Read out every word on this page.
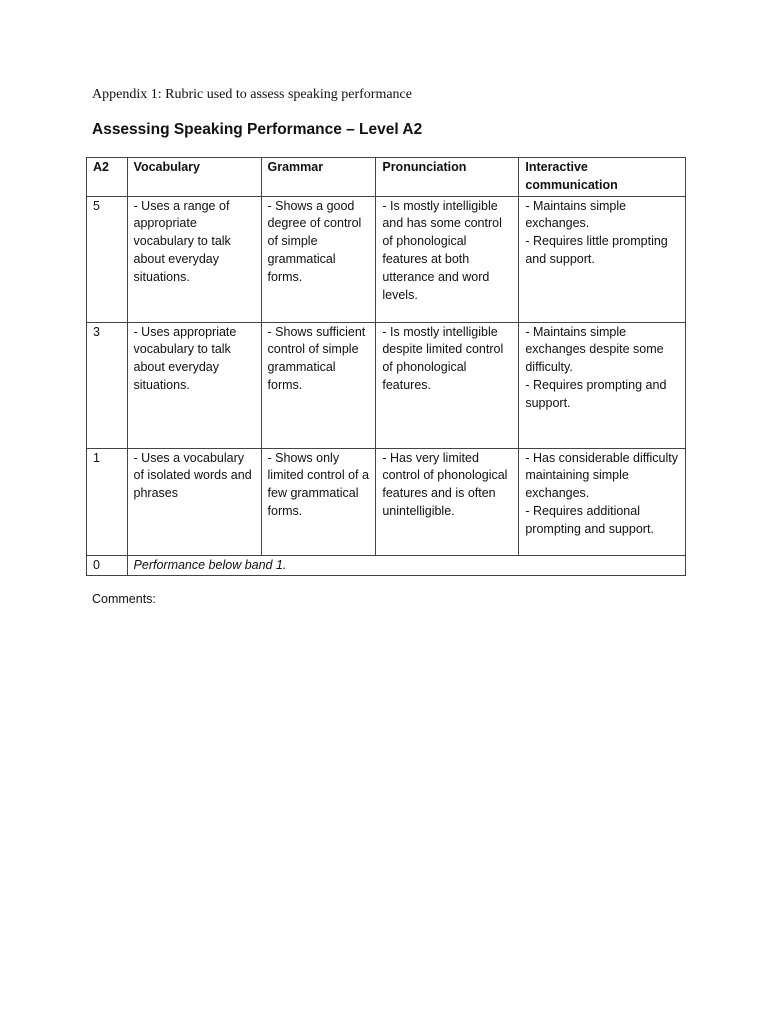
Appendix 1: Rubric used to assess speaking performance
Assessing Speaking Performance – Level A2
A2	Vocabulary	Grammar	Pronunciation	Interactive communication
5	- Uses a range of appropriate vocabulary to talk about everyday situations.	- Shows a good degree of control of simple grammatical forms.	- Is mostly intelligible and has some control of phonological features at both utterance and word levels.	- Maintains simple exchanges.
- Requires little prompting and support.

3	- Uses appropriate vocabulary to talk about everyday situations.	- Shows sufficient control of simple grammatical forms.	- Is mostly intelligible despite limited control of phonological features.	- Maintains simple exchanges despite some difficulty.
- Requires prompting and support.

1	- Uses a vocabulary of isolated words and phrases	- Shows only limited control of a few grammatical forms.	- Has very limited control of phonological features and is often unintelligible.	- Has considerable difficulty maintaining simple exchanges.
- Requires additional prompting and support.

0	Performance below band 1.			
Comments:
